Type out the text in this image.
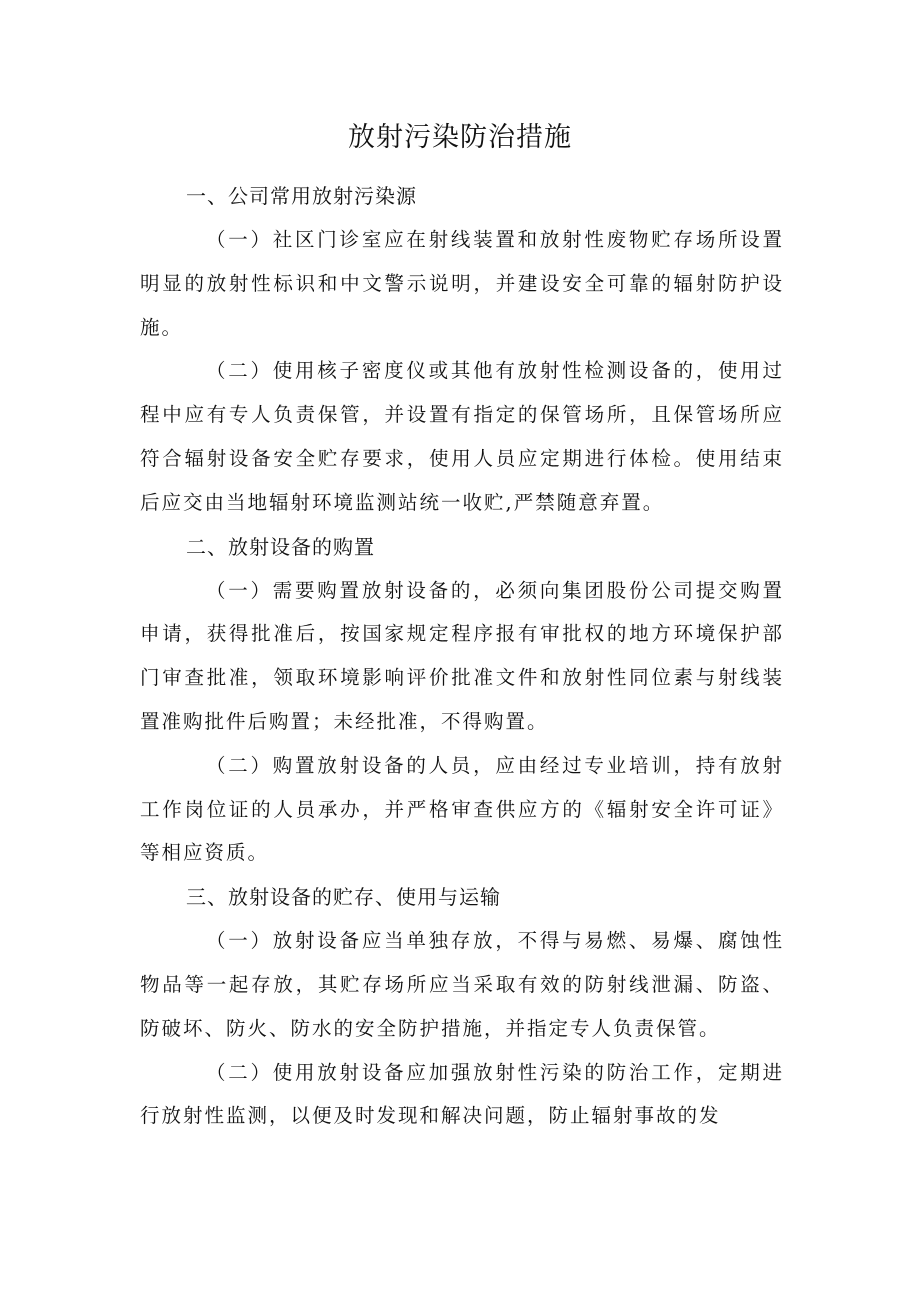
放射污染防治措施

一、公司常用放射污染源

（一）社区门诊室应在射线装置和放射性废物贮存场所设置明显的放射性标识和中文警示说明，并建设安全可靠的辐射防护设施。

（二）使用核子密度仪或其他有放射性检测设备的，使用过程中应有专人负责保管，并设置有指定的保管场所，且保管场所应符合辐射设备安全贮存要求，使用人员应定期进行体检。使用结束后应交由当地辐射环境监测站统一收贮,严禁随意弃置。

二、放射设备的购置

（一）需要购置放射设备的，必须向集团股份公司提交购置申请，获得批准后，按国家规定程序报有审批权的地方环境保护部门审查批准，领取环境影响评价批准文件和放射性同位素与射线装置准购批件后购置；未经批准，不得购置。

（二）购置放射设备的人员，应由经过专业培训，持有放射工作岗位证的人员承办，并严格审查供应方的《辐射安全许可证》等相应资质。

三、放射设备的贮存、使用与运输

（一）放射设备应当单独存放，不得与易燃、易爆、腐蚀性物品等一起存放，其贮存场所应当采取有效的防射线泄漏、防盗、防破坏、防火、防水的安全防护措施，并指定专人负责保管。

（二）使用放射设备应加强放射性污染的防治工作，定期进行放射性监测，以便及时发现和解决问题，防止辐射事故的发
